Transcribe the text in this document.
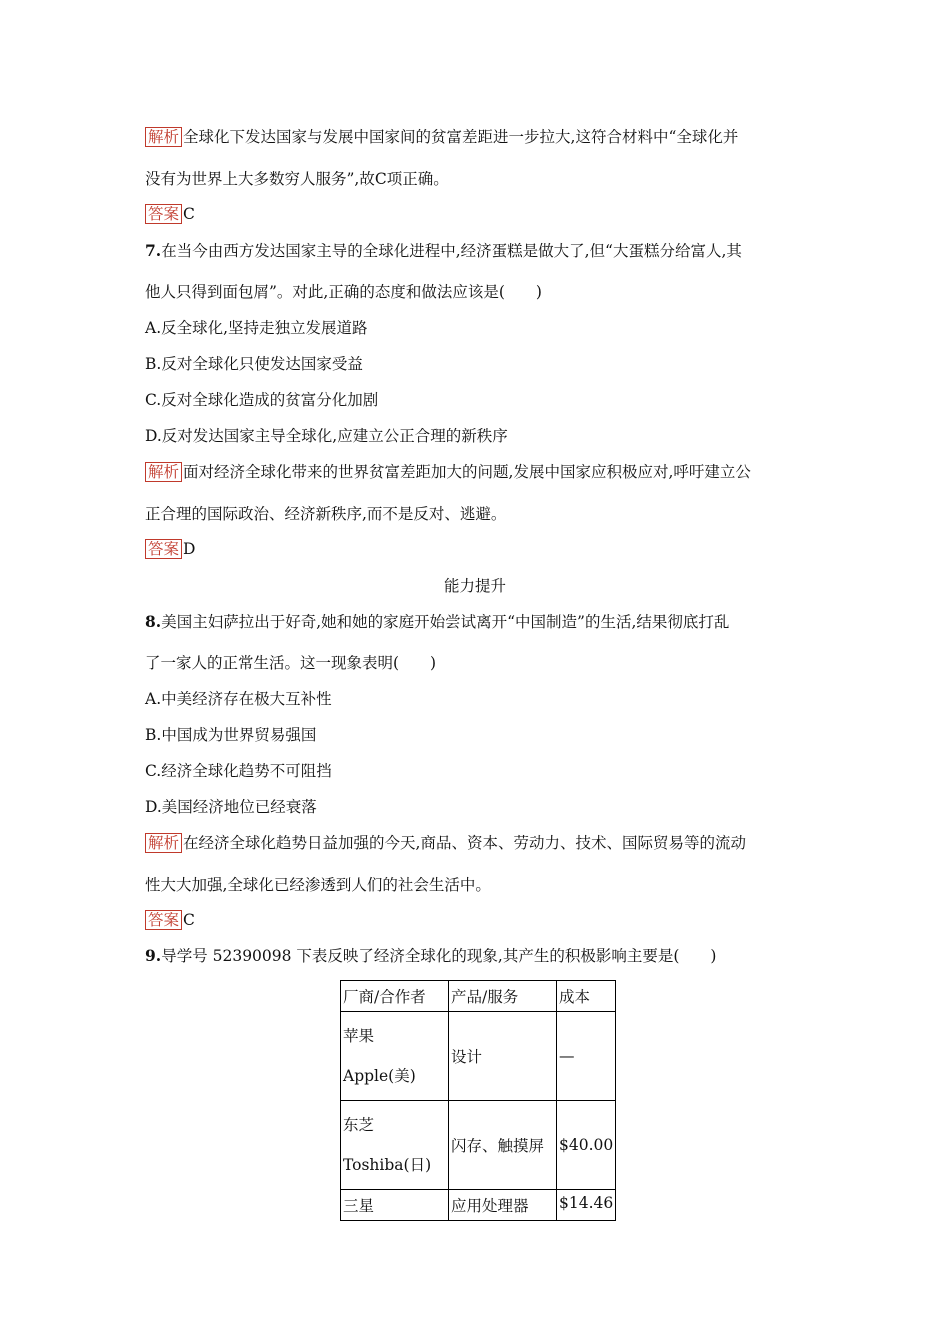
解析 全球化下发达国家与发展中国家间的贫富差距进一步拉大,这符合材料中“全球化并
没有为世界上大多数穷人服务”,故C项正确。
答案 C
7.在当今由西方发达国家主导的全球化进程中,经济蛋糕是做大了,但“大蛋糕分给富人,其
他人只得到面包屑”。对此,正确的态度和做法应该是(　　)
A.反全球化,坚持走独立发展道路
B.反对全球化只使发达国家受益
C.反对全球化造成的贫富分化加剧
D.反对发达国家主导全球化,应建立公正合理的新秩序
解析 面对经济全球化带来的世界贫富差距加大的问题,发展中国家应积极应对,呼吁建立公
正合理的国际政治、经济新秩序,而不是反对、逃避。
答案 D
能力提升
8.美国主妇萨拉出于好奇,她和她的家庭开始尝试离开“中国制造”的生活,结果彻底打乱
了一家人的正常生活。这一现象表明(　　)
A.中美经济存在极大互补性
B.中国成为世界贸易强国
C.经济全球化趋势不可阻挡
D.美国经济地位已经衰落
解析 在经济全球化趋势日益加强的今天,商品、资本、劳动力、技术、国际贸易等的流动
性大大加强,全球化已经渗透到人们的社会生活中。
答案 C
9.导学号 52390098 下表反映了经济全球化的现象,其产生的积极影响主要是(　　)
厂商/合作者	产品/服务	成本

苹果
Apple(美)	设计	—

东芝
Toshiba(日)	闪存、触摸屏	$40.00
三星	应用处理器	$14.46
